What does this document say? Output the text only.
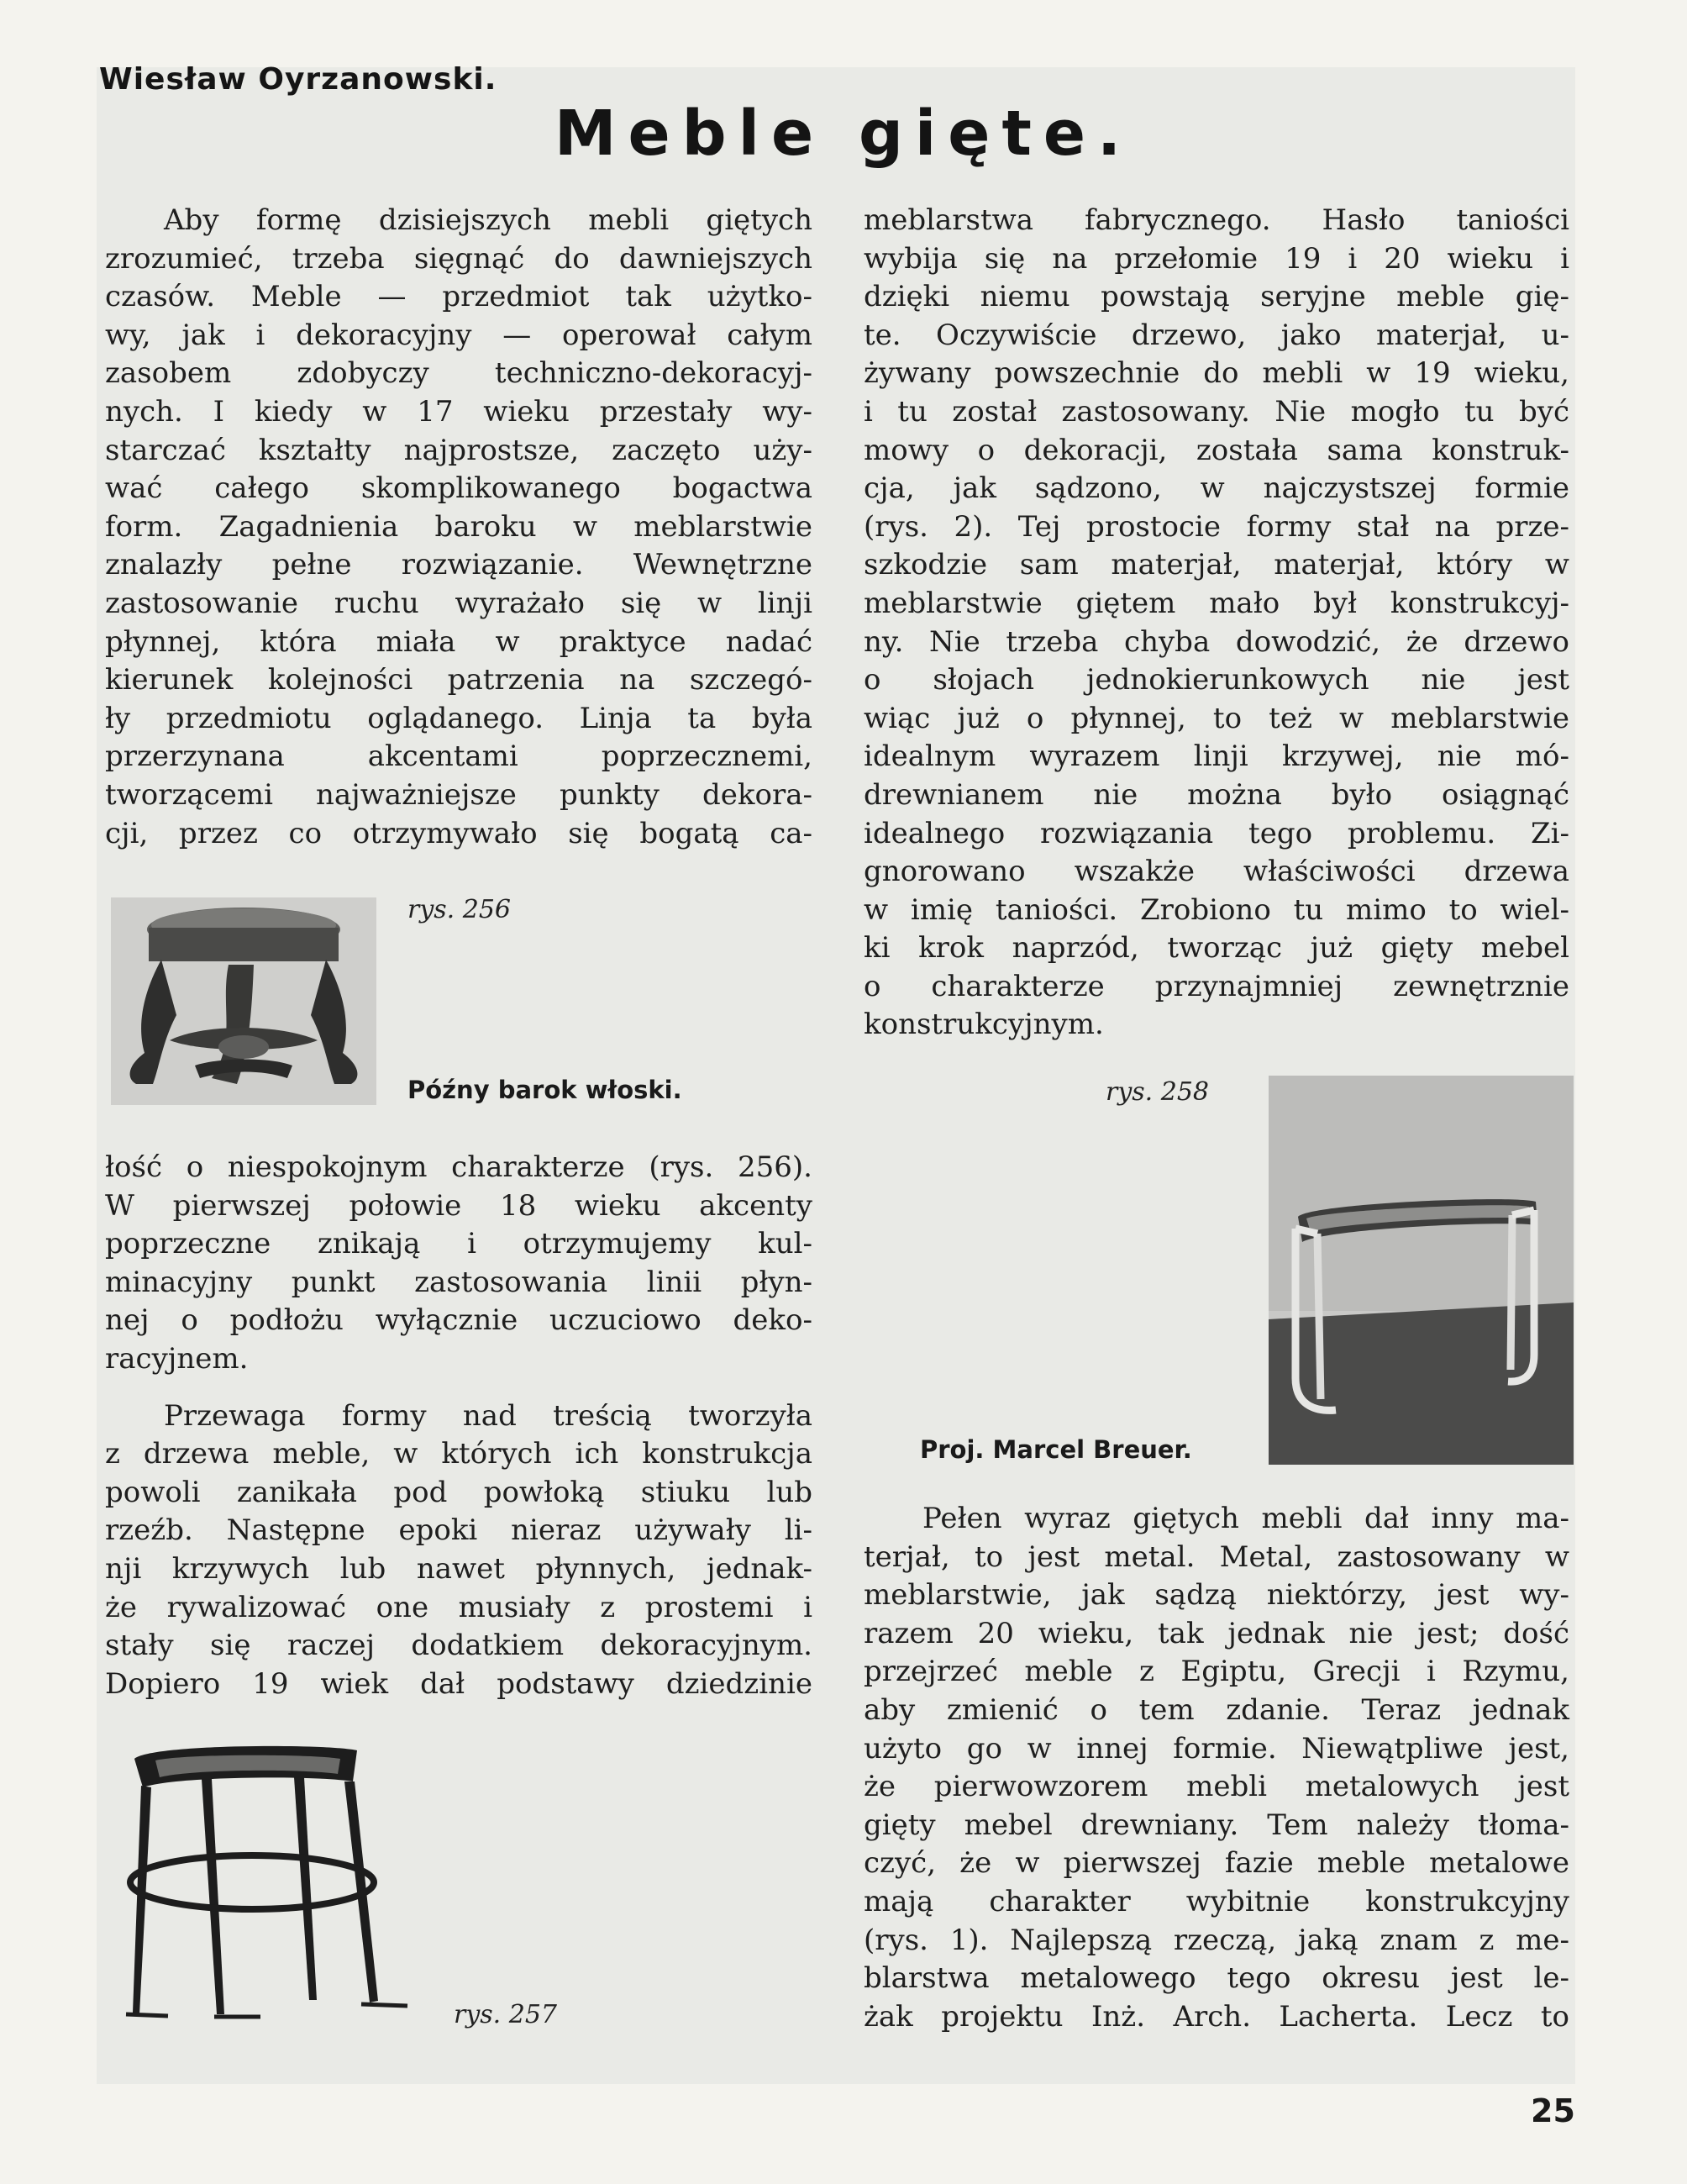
Wiesław Oyrzanowski.
Meble gięte.

Aby formę dzisiejszych mebli giętych

zrozumieć, trzeba sięgnąć do dawniejszych

czasów. Meble — przedmiot tak użytko-

wy, jak i dekoracyjny — operował całym

zasobem zdobyczy techniczno-dekoracyj-

nych. I kiedy w 17 wieku przestały wy-

starczać kształty najprostsze, zaczęto uży-

wać całego skomplikowanego bogactwa

form. Zagadnienia baroku w meblarstwie

znalazły pełne rozwiązanie. Wewnętrzne

zastosowanie ruchu wyrażało się w linji

płynnej, która miała w praktyce nadać

kierunek kolejności patrzenia na szczegó-

ły przedmiotu oglądanego. Linja ta była

przerzynana akcentami poprzecznemi,

tworzącemi najważniejsze punkty dekora-

cji, przez co otrzymywało się bogatą ca-

rys. 256
Późny barok włoski.

łość o niespokojnym charakterze (rys. 256).

W pierwszej połowie 18 wieku akcenty

poprzeczne znikają i otrzymujemy kul-

minacyjny punkt zastosowania linii płyn-

nej o podłożu wyłącznie uczuciowo deko-

racyjnem.

Przewaga formy nad treścią tworzyła

z drzewa meble, w których ich konstrukcja

powoli zanikała pod powłoką stiuku lub

rzeźb. Następne epoki nieraz używały li-

nji krzywych lub nawet płynnych, jednak-

że rywalizować one musiały z prostemi i

stały się raczej dodatkiem dekoracyjnym.

Dopiero 19 wiek dał podstawy dziedzinie

rys. 257

meblarstwa fabrycznego. Hasło taniości

wybija się na przełomie 19 i 20 wieku i

dzięki niemu powstają seryjne meble gię-

te. Oczywiście drzewo, jako materjał, u-

żywany powszechnie do mebli w 19 wieku,

i tu został zastosowany. Nie mogło tu być

mowy o dekoracji, została sama konstruk-

cja, jak sądzono, w najczystszej formie

(rys. 2). Tej prostocie formy stał na prze-

szkodzie sam materjał, materjał, który w

meblarstwie giętem mało był konstrukcyj-

ny. Nie trzeba chyba dowodzić, że drzewo

o słojach jednokierunkowych nie jest

wiąc już o płynnej, to też w meblarstwie

idealnym wyrazem linji krzywej, nie mó-

drewnianem nie można było osiągnąć

idealnego rozwiązania tego problemu. Zi-

gnorowano wszakże właściwości drzewa

w imię taniości. Zrobiono tu mimo to wiel-

ki krok naprzód, tworząc już gięty mebel

o charakterze przynajmniej zewnętrznie

konstrukcyjnym.

rys. 258
Proj. Marcel Breuer.

Pełen wyraz giętych mebli dał inny ma-

terjał, to jest metal. Metal, zastosowany w

meblarstwie, jak sądzą niektórzy, jest wy-

razem 20 wieku, tak jednak nie jest; dość

przejrzeć meble z Egiptu, Grecji i Rzymu,

aby zmienić o tem zdanie. Teraz jednak

użyto go w innej formie. Niewątpliwe jest,

że pierwowzorem mebli metalowych jest

gięty mebel drewniany. Tem należy tłoma-

czyć, że w pierwszej fazie meble metalowe

mają charakter wybitnie konstrukcyjny

(rys. 1). Najlepszą rzeczą, jaką znam z me-

blarstwa metalowego tego okresu jest le-

żak projektu Inż. Arch. Lacherta. Lecz to

25
